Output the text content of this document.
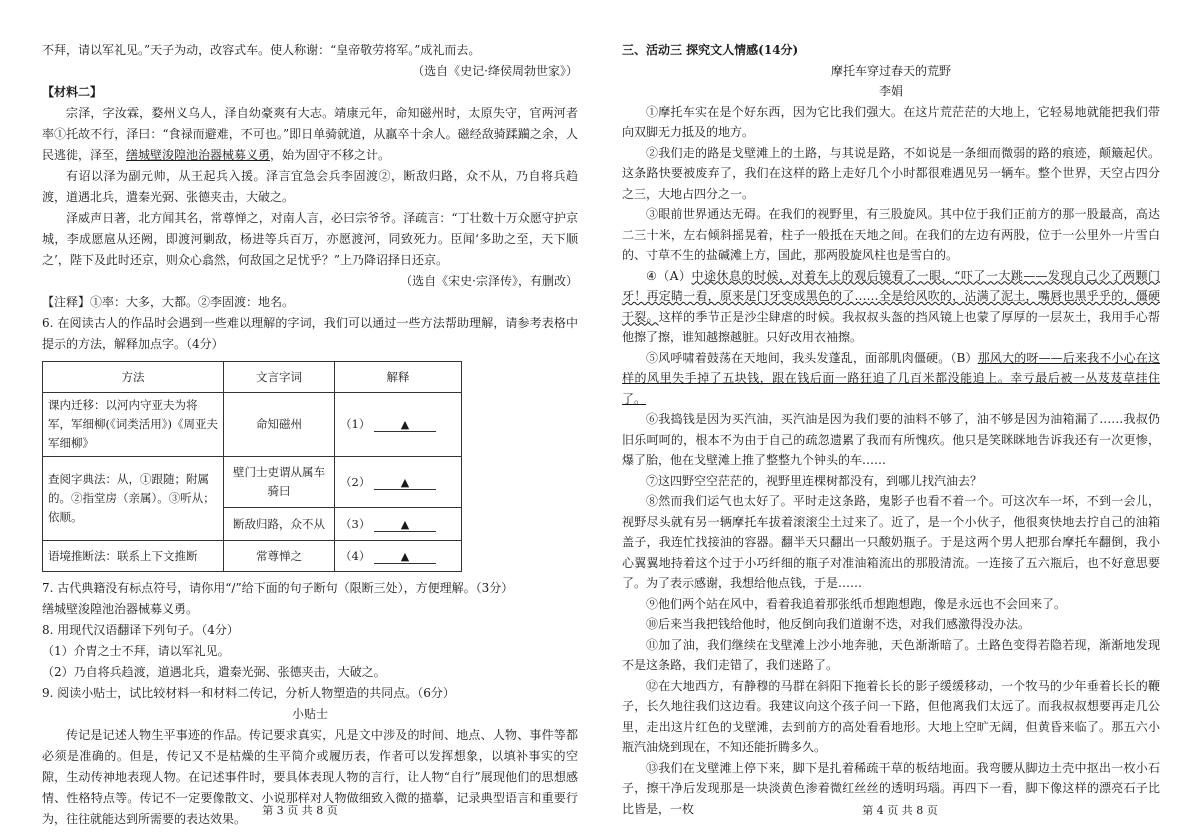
不拜，请以军礼见。”天子为动，改容式车。使人称谢：“皇帝敬劳将军。”成礼而去。

（选自《史记·绛侯周勃世家》）

【材料二】

宗泽，字汝霖，婺州义乌人，泽自幼豪爽有大志。靖康元年，命知磁州时，太原失守，官两河者率①托故不行，泽曰：“食禄而避难，不可也。”即日单骑就道，从羸卒十余人。磁经敌骑蹂躏之余，人民逃徙，泽至，缮城壁浚隍池治器械募义勇，始为固守不移之计。

有诏以泽为副元帅，从王起兵入援。泽言宜急会兵李固渡②，断敌归路，众不从，乃自将兵趋渡，道遇北兵，遣秦光弼、张德夹击，大破之。

泽威声日著，北方闻其名，常尊惮之，对南人言，必曰宗爷爷。泽疏言：“丁壮数十万众愿守护京城，李成愿扈从还阙，即渡河剿敌，杨进等兵百万，亦愿渡河，同致死力。臣闻‘多助之至，天下顺之’，陛下及此时还京，则众心翕然，何敌国之足忧乎？”上乃降诏择日还京。

（选自《宋史·宗泽传》，有删改）

【注释】①率：大多，大都。②李固渡：地名。

6. 在阅读古人的作品时会遇到一些难以理解的字词，我们可以通过一些方法帮助理解，请参考表格中提示的方法，解释加点字。（4分）

方法	文言字词	解释
课内迁移：以河内守亚夫为将军，军细柳(《词类活用》)《周亚夫军细柳》	命知磁州	（1） ▲
查阅字典法：从，①跟随；附属的。②指堂房（亲属）。③听从；依顺。	壁门士吏谓从属车骑曰	（2） ▲
	断敌归路，众不从	（3） ▲
语境推断法：联系上下文推断	常尊惮之	（4） ▲

7. 古代典籍没有标点符号，请你用“/”给下面的句子断句（限断三处），方便理解。（3分）

缮城壁浚隍池治器械募义勇。

8. 用现代汉语翻译下列句子。（4分）

（1）介胄之士不拜，请以军礼见。

（2）乃自将兵趋渡，道遇北兵，遣秦光弼、张德夹击，大破之。

9. 阅读小贴士，试比较材料一和材料二传记，分析人物塑造的共同点。（6分）

小贴士

传记是记述人物生平事迹的作品。传记要求真实，凡是文中涉及的时间、地点、人物、事件等都必须是准确的。但是，传记又不是枯燥的生平简介或履历表，作者可以发挥想象，以填补事实的空隙，生动传神地表现人物。在记述事件时，要具体表现人物的言行，让人物“自行”展现他们的思想感情、性格特点等。传记不一定要像散文、小说那样对人物做细致入微的描摹，记录典型语言和重要行为，往往就能达到所需要的表达效果。

第 3 页 共 8 页

三、活动三 探究文人情感(14分)

摩托车穿过春天的荒野

李娟

①摩托车实在是个好东西，因为它比我们强大。在这片荒茫茫的大地上，它轻易地就能把我们带向双脚无力抵及的地方。

②我们走的路是戈壁滩上的土路，与其说是路，不如说是一条细而微弱的路的痕迹，颠簸起伏。这条路快要被废弃了，我们在这样的路上走好几个小时都很难遇见另一辆车。整个世界，天空占四分之三，大地占四分之一。

③眼前世界通达无碍。在我们的视野里，有三股旋风。其中位于我们正前方的那一股最高，高达二三十米，左右倾斜摇晃着，柱子一般抵在天地之间。在我们的左边有两股，位于一公里外一片雪白的、寸草不生的盐碱滩上方，国此，那两股旋风柱也是雪白的。

④（A）中途休息的时候，对着车上的观后镜看了一眼，“吓了一大跳——发现自己少了两颗门牙！再定睛一看，原来是门牙变成黑色的了……全是给风吹的，沾满了泥土，嘴唇也黑乎乎的，僵硬干裂。这样的季节正是沙尘肆虐的时候。我叔叔头盔的挡风镜上也蒙了厚厚的一层灰土，我用手心帮他擦了擦，谁知越擦越脏。只好改用衣袖擦。

⑤风呼啸着鼓荡在天地间，我头发蓬乱，面部肌肉僵硬。（B）那风大的呀——后来我不小心在这样的风里失手掉了五块钱，跟在钱后面一路狂追了几百米都没能追上。幸亏最后被一丛芨芨草挂住了。

⑥我捣钱是因为买汽油，买汽油是因为我们要的油料不够了，油不够是因为油箱漏了……我叔仍旧乐呵呵的，根本不为由于自己的疏忽遗累了我而有所愧疚。他只是笑眯眯地告诉我还有一次更惨，爆了胎，他在戈壁滩上推了整整九个钟头的车……

⑦这四野空空茫茫的，视野里连棵树都没有，到哪儿找汽油去？

⑧然而我们运气也太好了。平时走这条路，鬼影子也看不着一个。可这次车一坏，不到一会儿，视野尽头就有另一辆摩托车拔着滚滚尘土过来了。近了，是一个小伙子，他很爽快地去拧自己的油箱盖子，我连忙找接油的容器。翻半天只翻出一只酸奶瓶子。于是这两个男人把那台摩托车翻倒，我小心翼翼地持着这个过于小巧纤细的瓶子对准油箱流出的那股清流。一连接了五六瓶后，也不好意思要了。为了表示感谢，我想给他点钱，于是……

⑨他们两个站在风中，看着我追着那张纸币想跑想跑，像是永远也不会回来了。

⑩后来当我把钱给他时，他反倒向我们道谢不迭，对我们感激得没办法。

⑪加了油，我们继续在戈壁滩上沙小地奔驰，天色渐渐暗了。土路色变得若隐若现，渐渐地发现不是这条路，我们走错了，我们迷路了。

⑫在大地西方，有静穆的马群在斜阳下拖着长长的影子缓缓移动，一个牧马的少年垂着长长的鞭子，长久地往我们这边看。我建议向这个孩子问一下路，但他离我们太远了。而我叔叔想要再走几公里，走出这片红色的戈壁滩，去到前方的高处看看地形。大地上空旷无阔，但黄昏来临了。那五六小瓶汽油烧到现在，不知还能折腾多久。

⑬我们在戈壁滩上停下来，脚下是扎着稀疏干草的板结地面。我弯腰从脚边土壳中抠出一枚小石子，擦干净后发现那是一块淡黄色渗着微红丝丝的透明玛瑙。再四下一看，脚下像这样的漂亮石子比比皆是，一枚	第 4 页 共 8 页
